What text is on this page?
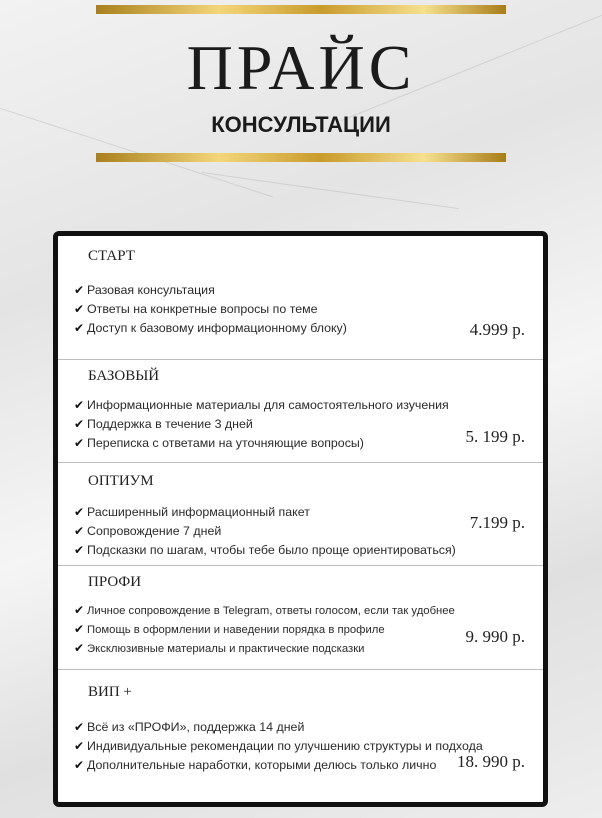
ПРАЙС
КОНСУЛЬТАЦИИ
СТАРТ
✔ Разовая консультация
✔ Ответы на конкретные вопросы по теме
✔ Доступ к базовому информационному блоку)	4.999 р.
БАЗОВЫЙ
✔ Информационные материалы для самостоятельного изучения
✔ Поддержка в течение 3 дней
✔ Переписка с ответами на уточняющие вопросы)	5. 199 р.
ОПТИУМ
✔ Расширенный информационный пакет
✔ Сопровождение 7 дней
✔ Подсказки по шагам, чтобы тебе было проще ориентироваться)
7.199 р.
ПРОФИ
✔ Личное сопровождение в Telegram, ответы голосом, если так удобнее
✔ Помощь в оформлении и наведении порядка в профиле
✔ Эксклюзивные материалы и практические подсказки
9. 990 р.
ВИП +
✔ Всё из «ПРОФИ», поддержка 14 дней
✔ Индивидуальные рекомендации по улучшению структуры и подхода
✔ Дополнительные наработки, которыми делюсь только лично	18. 990 р.
